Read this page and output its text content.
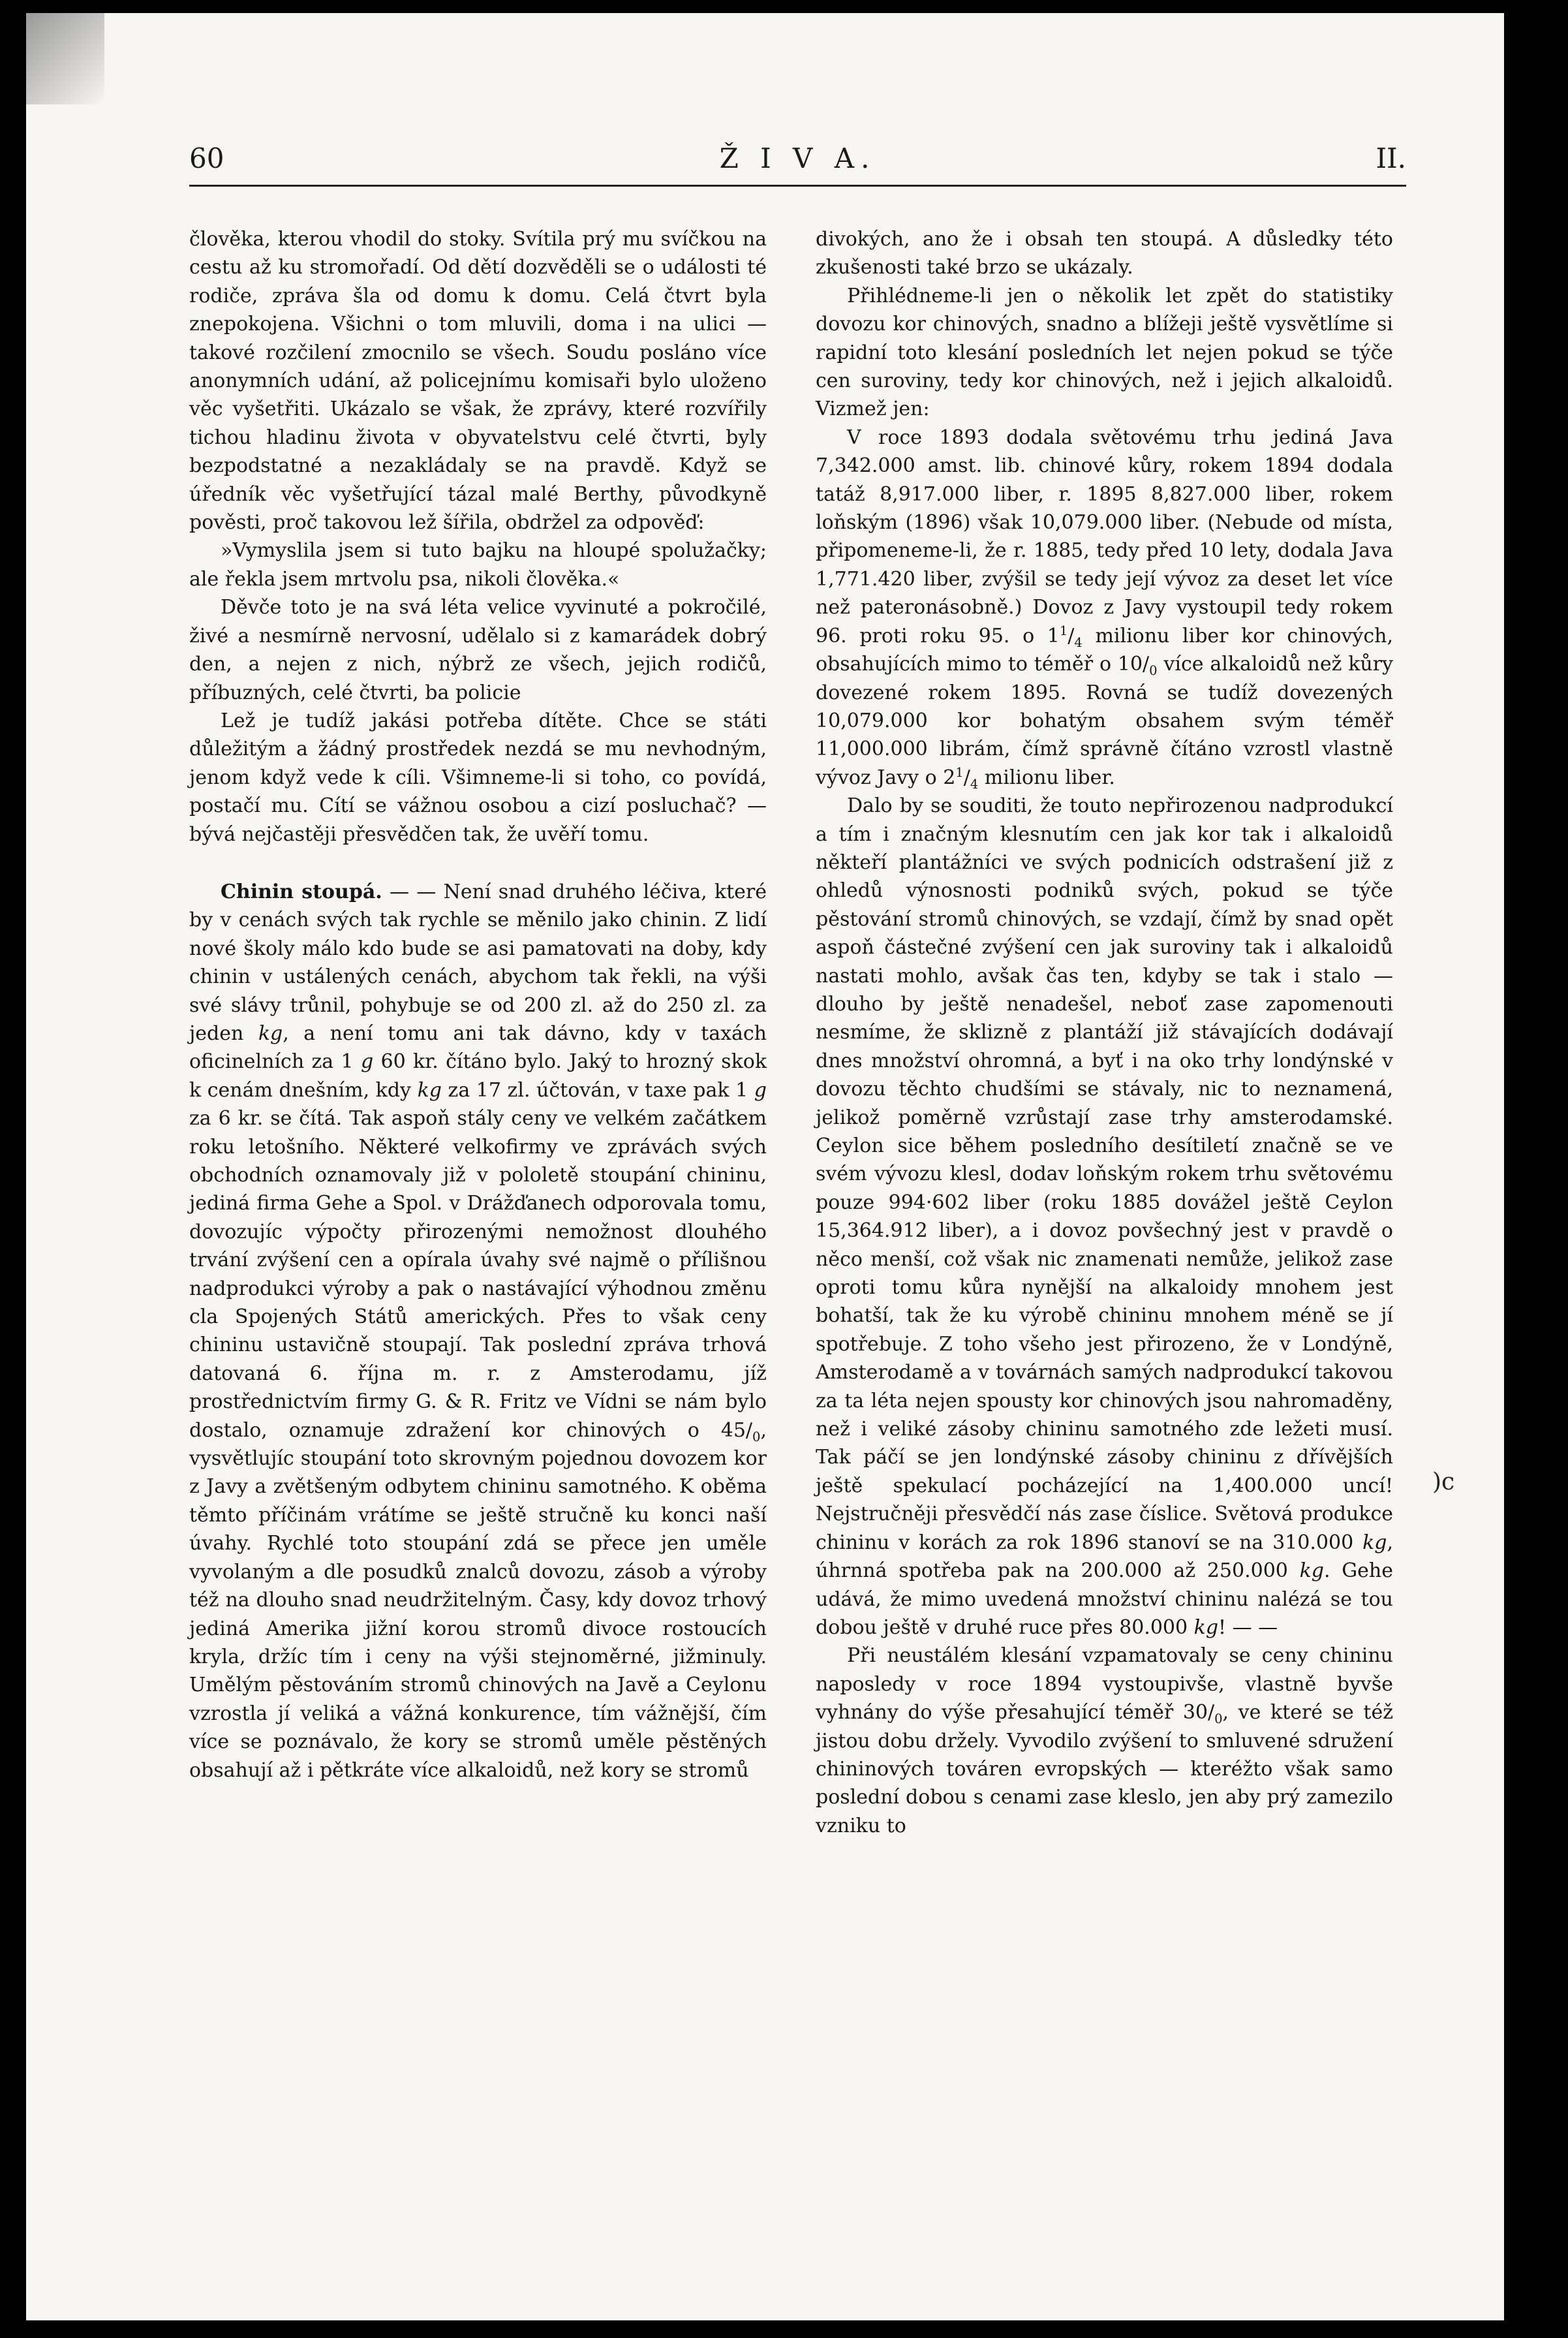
60	Ž I V A.	II.

člověka, kterou vhodil do stoky. Svítila prý mu svíčkou na cestu až ku stromořadí. Od dětí dozvěděli se o události té rodiče, zpráva šla od domu k domu. Celá čtvrt byla znepokojena. Všichni o tom mluvili, doma i na ulici — takové rozčilení zmocnilo se všech. Soudu posláno více anonymních udání, až policejnímu komisaři bylo uloženo věc vyšetřiti. Ukázalo se však, že zprávy, které rozvířily tichou hladinu života v obyvatelstvu celé čtvrti, byly bezpodstatné a nezakládaly se na pravdě. Když se úředník věc vyšetřující tázal malé Berthy, původkyně pověsti, proč takovou lež šířila, obdržel za odpověď:

»Vymyslila jsem si tuto bajku na hloupé spolužačky; ale řekla jsem mrtvolu psa, nikoli člověka.«

Děvče toto je na svá léta velice vyvinuté a pokročilé, živé a nesmírně nervosní, udělalo si z kamarádek dobrý den, a nejen z nich, nýbrž ze všech, jejich rodičů, příbuzných, celé čtvrti, ba policie

Lež je tudíž jakási potřeba dítěte. Chce se státi důležitým a žádný prostředek nezdá se mu nevhodným, jenom když vede k cíli. Všimneme-li si toho, co povídá, postačí mu. Cítí se vážnou osobou a cizí posluchač? — bývá nejčastěji přesvědčen tak, že uvěří tomu.

Chinin stoupá. — — Není snad druhého léčiva, které by v cenách svých tak rychle se měnilo jako chinin. Z lidí nové školy málo kdo bude se asi pamatovati na doby, kdy chinin v ustálených cenách, abychom tak řekli, na výši své slávy trůnil, pohybuje se od 200 zl. až do 250 zl. za jeden kg, a není tomu ani tak dávno, kdy v taxách oficinelních za 1 g 60 kr. čítáno bylo. Jaký to hrozný skok k cenám dnešním, kdy kg za 17 zl. účtován, v taxe pak 1 g za 6 kr. se čítá. Tak aspoň stály ceny ve velkém začátkem roku letošního. Některé velkofirmy ve zprávách svých obchodních oznamovaly již v pololetě stoupání chininu, jediná firma Gehe a Spol. v Drážďanech odporovala tomu, dovozujíc výpočty přirozenými nemožnost dlouhého trvání zvýšení cen a opírala úvahy své najmě o přílišnou nadprodukci výroby a pak o nastávající výhodnou změnu cla Spojených Států amerických. Přes to však ceny chininu ustavičně stoupají. Tak poslední zpráva trhová datovaná 6. října m. r. z Amsterodamu, jíž prostřednictvím firmy G. & R. Fritz ve Vídni se nám bylo dostalo, oznamuje zdražení kor chinových o $45/_0$, vysvětlujíc stoupání toto skrovným pojednou dovozem kor z Javy a zvětšeným odbytem chininu samotného. K oběma těmto příčinám vrátíme se ještě stručně ku konci naší úvahy. Rychlé toto stoupání zdá se přece jen uměle vyvolaným a dle posudků znalců dovozu, zásob a výroby též na dlouho snad neudržitelným. Časy, kdy dovoz trhový jediná Amerika jižní korou stromů divoce rostoucích kryla, držíc tím i ceny na výši stejnoměrné, jižminuly. Umělým pěstováním stromů chinových na Javě a Ceylonu vzrostla jí veliká a vážná konkurence, tím vážnější, čím více se poznávalo, že kory se stromů uměle pěstěných obsahují až i pětkráte více alkaloidů, než kory se stromů

divokých, ano že i obsah ten stoupá. A důsledky této zkušenosti také brzo se ukázaly.

Přihlédneme-li jen o několik let zpět do statistiky dovozu kor chinových, snadno a blížeji ještě vysvětlíme si rapidní toto klesání posledních let nejen pokud se týče cen suroviny, tedy kor chinových, než i jejich alkaloidů. Vizmež jen:

V roce 1893 dodala světovému trhu jediná Java 7,342.000 amst. lib. chinové kůry, rokem 1894 dodala tatáž 8,917.000 liber, r. 1895 8,827.000 liber, rokem loňským (1896) však 10,079.000 liber. (Nebude od místa, připomeneme-li, že r. 1885, tedy před 10 lety, dodala Java 1,771.420 liber, zvýšil se tedy její vývoz za deset let více než pateronásobně.) Dovoz z Javy vystoupil tedy rokem 96. proti roku 95. o $1^1/_4$ milionu liber kor chinových, obsahujících mimo to téměř o $10/_0$ více alkaloidů než kůry dovezené rokem 1895. Rovná se tudíž dovezených 10,079.000 kor bohatým obsahem svým téměř 11,000.000 librám, čímž správně čítáno vzrostl vlastně vývoz Javy o $2^1/_4$ milionu liber.

Dalo by se souditi, že touto nepřirozenou nadprodukcí a tím i značným klesnutím cen jak kor tak i alkaloidů někteří plantážníci ve svých podnicích odstrašení již z ohledů výnosnosti podniků svých, pokud se týče pěstování stromů chinových, se vzdají, čímž by snad opět aspoň částečné zvýšení cen jak suroviny tak i alkaloidů nastati mohlo, avšak čas ten, kdyby se tak i stalo — dlouho by ještě nenadešel, neboť zase zapomenouti nesmíme, že sklizně z plantáží již stávajících dodávají dnes množství ohromná, a byť i na oko trhy londýnské v dovozu těchto chudšími se stávaly, nic to neznamená, jelikož poměrně vzrůstají zase trhy amsterodamské. Ceylon sice během posledního desítiletí značně se ve svém vývozu klesl, dodav loňským rokem trhu světovému pouze 994·602 liber (roku 1885 dovážel ještě Ceylon 15,364.912 liber), a i dovoz povšechný jest v pravdě o něco menší, což však nic znamenati nemůže, jelikož zase oproti tomu kůra nynější na alkaloidy mnohem jest bohatší, tak že ku výrobě chininu mnohem méně se jí spotřebuje. Z toho všeho jest přirozeno, že v Londýně, Amsterodamě a v továrnách samých nadprodukcí takovou za ta léta nejen spousty kor chinových jsou nahromaděny, než i veliké zásoby chininu samotného zde ležeti musí. Tak páčí se jen londýnské zásoby chininu z dřívějších ještě spekulací pocházející na 1,400.000 uncí! Nejstručněji přesvědčí nás zase číslice. Světová produkce chininu v korách za rok 1896 stanoví se na 310.000 kg, úhrnná spotřeba pak na 200.000 až 250.000 kg. Gehe udává, že mimo uvedená množství chininu nalézá se tou dobou ještě v druhé ruce přes 80.000 kg! — —

Při neustálém klesání vzpamatovaly se ceny chininu naposledy v roce 1894 vystoupivše, vlastně byvše vyhnány do výše přesahující téměř $30/_0$, ve které se též jistou dobu držely. Vyvodilo zvýšení to smluvené sdružení chininových továren evropských — kteréžto však samo poslední dobou s cenami zase kleslo, jen aby prý zamezilo vzniku to

)c
